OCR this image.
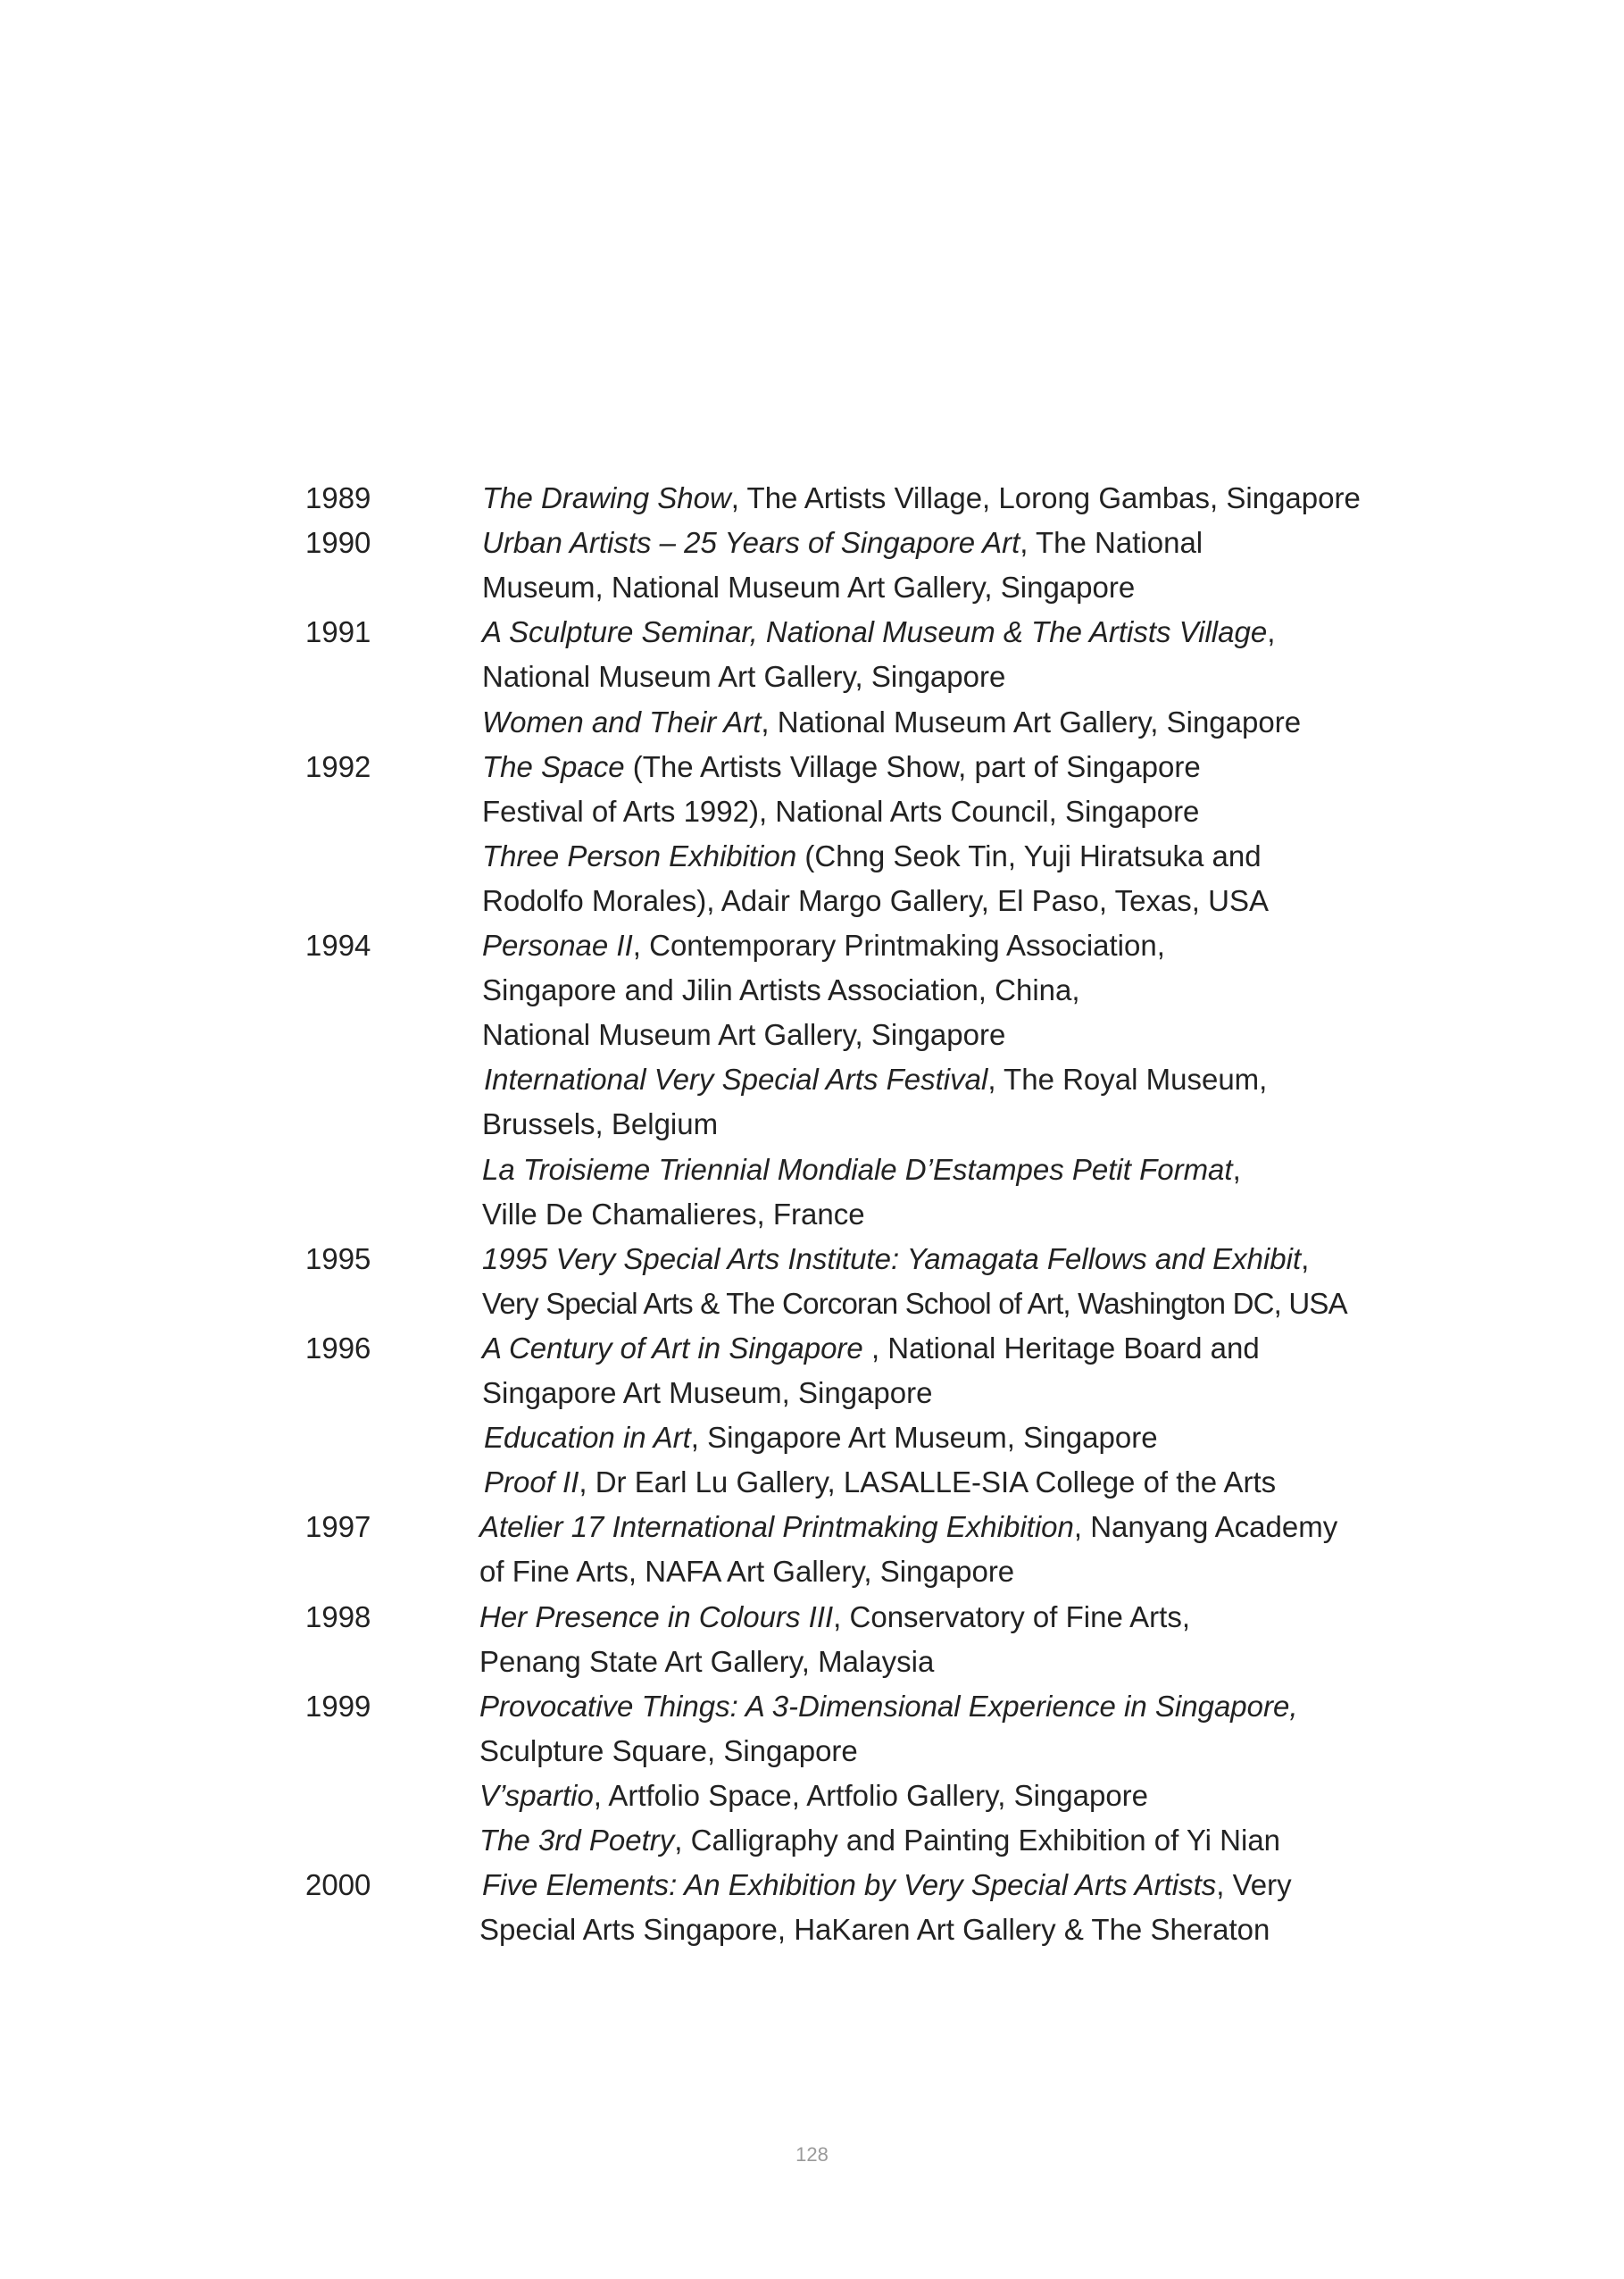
1989	The Drawing Show, The Artists Village, Lorong Gambas, Singapore
1990	Urban Artists – 25 Years of Singapore Art, The National
Museum, National Museum Art Gallery, Singapore
1991	A Sculpture Seminar, National Museum & The Artists Village,
National Museum Art Gallery, Singapore
Women and Their Art, National Museum Art Gallery, Singapore
1992	The Space (The Artists Village Show, part of Singapore
Festival of Arts 1992), National Arts Council, Singapore
Three Person Exhibition (Chng Seok Tin, Yuji Hiratsuka and
Rodolfo Morales), Adair Margo Gallery, El Paso, Texas, USA
1994	Personae II, Contemporary Printmaking Association,
Singapore and Jilin Artists Association, China,
National Museum Art Gallery, Singapore
International Very Special Arts Festival, The Royal Museum,
Brussels, Belgium
La Troisieme Triennial Mondiale D’Estampes Petit Format,
Ville De Chamalieres, France
1995	1995 Very Special Arts Institute: Yamagata Fellows and Exhibit,
Very Special Arts & The Corcoran School of Art, Washington DC, USA
1996	A Century of Art in Singapore , National Heritage Board and
Singapore Art Museum, Singapore
Education in Art, Singapore Art Museum, Singapore
Proof II, Dr Earl Lu Gallery, LASALLE-SIA College of the Arts
1997	Atelier 17 International Printmaking Exhibition, Nanyang Academy
of Fine Arts, NAFA Art Gallery, Singapore
1998	Her Presence in Colours III, Conservatory of Fine Arts,
Penang State Art Gallery, Malaysia
1999	Provocative Things: A 3-Dimensional Experience in Singapore,
Sculpture Square, Singapore
V’spartio, Artfolio Space, Artfolio Gallery, Singapore
The 3rd Poetry, Calligraphy and Painting Exhibition of Yi Nian
2000	Five Elements: An Exhibition by Very Special Arts Artists, Very
Special Arts Singapore, HaKaren Art Gallery & The Sheraton
128
